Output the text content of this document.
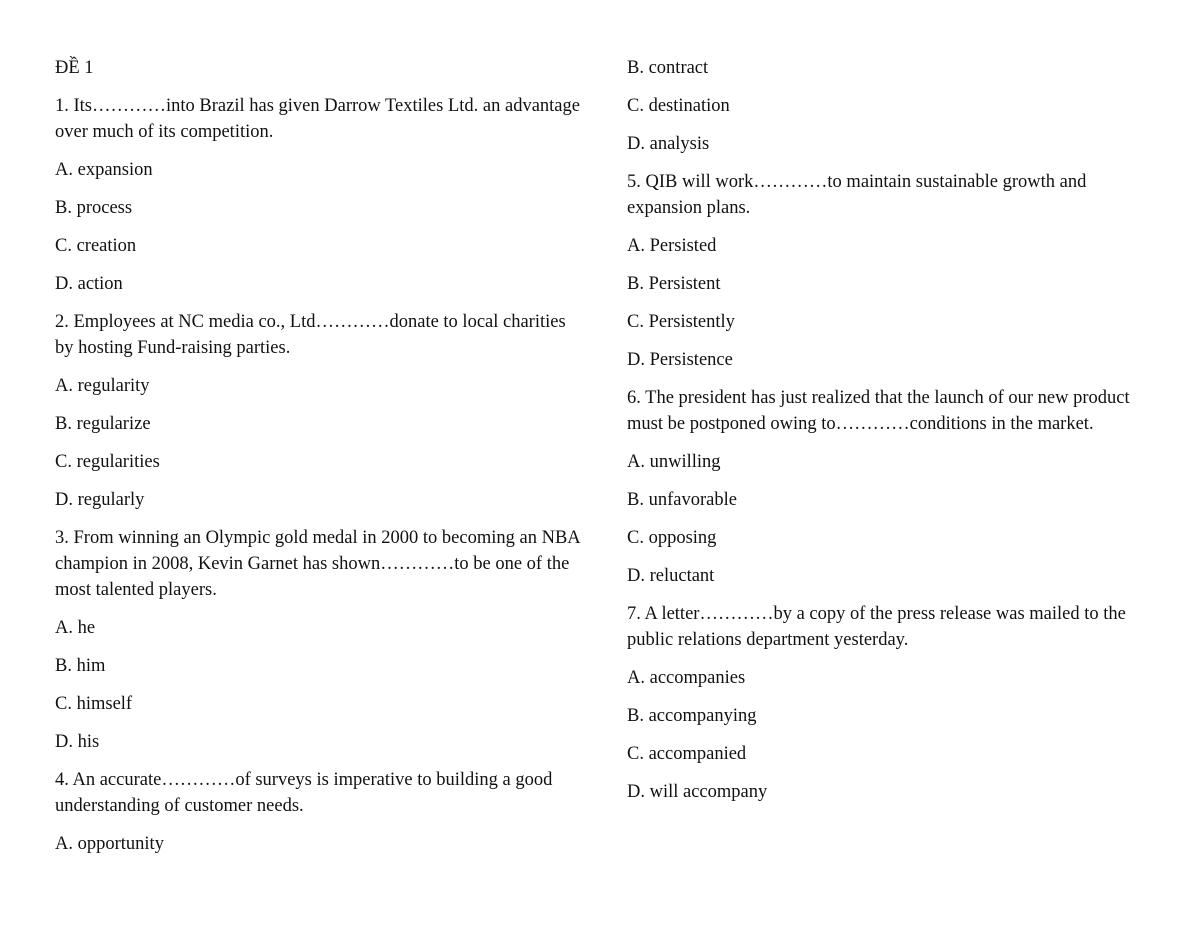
ĐỀ 1
1. Its…………into Brazil has given Darrow Textiles Ltd. an advantage over much of its competition.
A. expansion
B. process
C. creation
D. action
2. Employees at NC media co., Ltd…………donate to local charities by hosting Fund-raising parties.
A. regularity
B. regularize
C. regularities
D. regularly
3. From winning an Olympic gold medal in 2000 to becoming an NBA champion in 2008, Kevin Garnet has shown…………to be one of the most talented players.
A. he
B. him
C. himself
D. his
4. An accurate…………of surveys is imperative to building a good understanding of customer needs.
A. opportunity
B. contract
C. destination
D. analysis
5. QIB will work…………to maintain sustainable growth and expansion plans.
A. Persisted
B. Persistent
C. Persistently
D. Persistence
6. The president has just realized that the launch of our new product must be postponed owing to…………conditions in the market.
A. unwilling
B. unfavorable
C. opposing
D. reluctant
7. A letter…………by a copy of the press release was mailed to the public relations department yesterday.
A. accompanies
B. accompanying
C. accompanied
D. will accompany
